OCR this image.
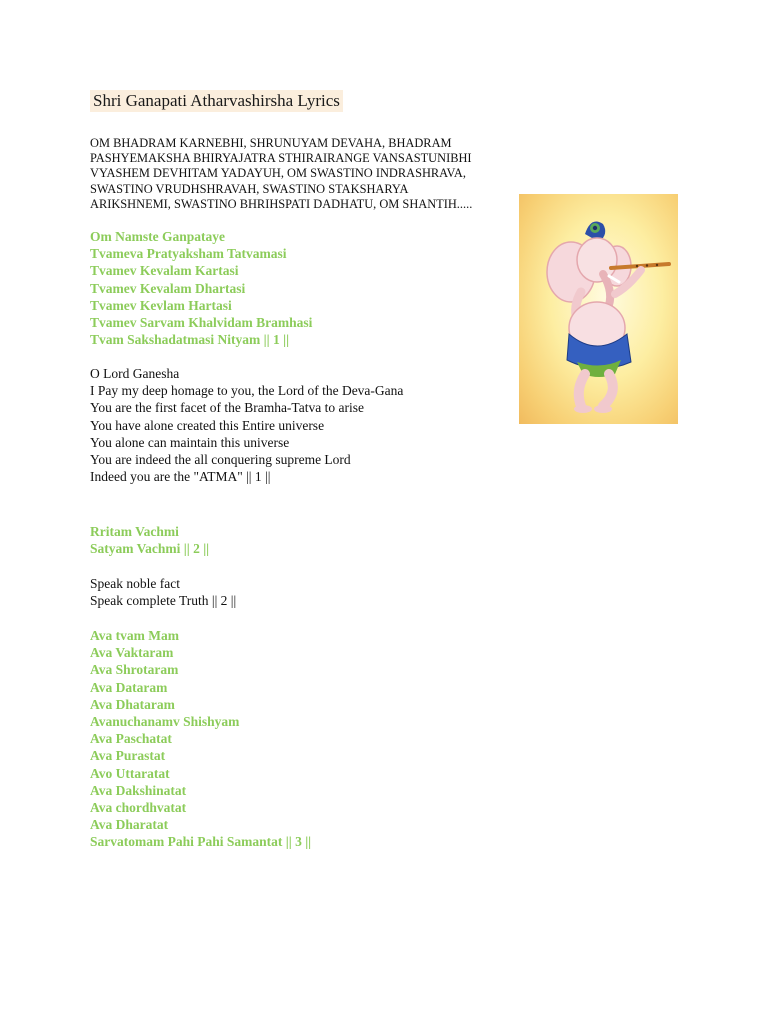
Shri Ganapati Atharvashirsha Lyrics
OM BHADRAM KARNEBHI, SHRUNUYAM DEVAHA, BHADRAM
PASHYEMAKSHA BHIRYAJATRA STHIRAIRANGE VANSASTUNIBHI
VYASHEM DEVHITAM YADAYUH, OM SWASTINO INDRASHRAVA,
SWASTINO VRUDHSHRAVAH, SWASTINO STAKSHARYA
ARIKSHNEMI, SWASTINO BHRIHSPATI DADHATU, OM SHANTIH.....
Om Namste Ganpataye
Tvameva Pratyaksham Tatvamasi
Tvamev Kevalam Kartasi
Tvamev Kevalam Dhartasi
Tvamev Kevlam Hartasi
Tvamev Sarvam Khalvidam Bramhasi
Tvam Sakshadatmasi Nityam || 1 ||
O Lord Ganesha
I Pay my deep homage to you, the Lord of the Deva-Gana
You are the first facet of the Bramha-Tatva to arise
You have alone created this Entire universe
You alone can maintain this universe
You are indeed the all conquering supreme Lord
Indeed you are the "ATMA" || 1 ||
Rritam Vachmi
Satyam Vachmi || 2 ||
Speak noble fact
Speak complete Truth || 2 ||
Ava tvam Mam
Ava Vaktaram
Ava Shrotaram
Ava Dataram
Ava Dhataram
Avanuchanamv Shishyam
Ava Paschatat
Ava Purastat
Avo Uttaratat
Ava Dakshinatat
Ava chordhvatat
Ava Dharatat
Sarvatomam Pahi Pahi Samantat || 3 ||
